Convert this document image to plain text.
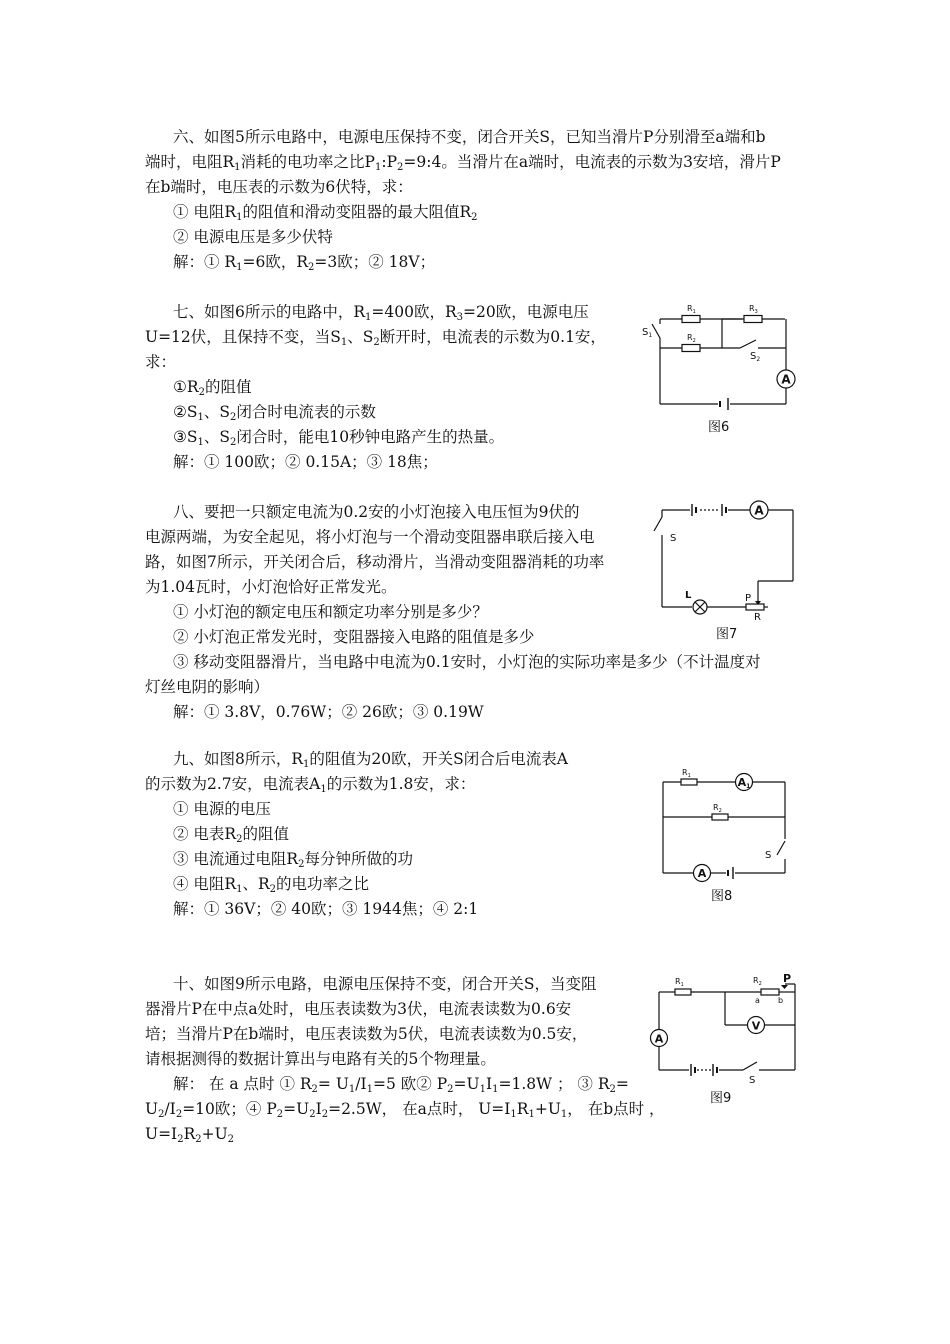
六、如图5所示电路中，电源电压保持不变，闭合开关S，已知当滑片P分别滑至a端和b
端时，电阻$R_1$消耗的电功率之比$P_1:P_2=9:4$。当滑片在a端时，电流表的示数为3安培，滑片P
在b端时，电压表的示数为6伏特，求：
① 电阻$R_1$的阻值和滑动变阻器的最大阻值$R_2$
② 电源电压是多少伏特
解：① $R_1=6$欧，$R_2=3$欧；② 18V；
七、如图6所示的电路中，$R_1=400$欧，$R_3=20$欧，电源电压
U=12伏，且保持不变，当$S_1$、$S_2$断开时，电流表的示数为0.1安，
求：
$①R_2$的阻值
$②S_1$、$S_2$闭合时电流表的示数
$③S_1$、$S_2$闭合时，能电10秒钟电路产生的热量。
解：① 100欧；② 0.15A；③ 18焦；
A
$R_1$
$R_2$
$R_3$
$S_1$
$S_2$
图6
八、要把一只额定电流为0.2安的小灯泡接入电压恒为9伏的
电源两端，为安全起见，将小灯泡与一个滑动变阻器串联后接入电
路，如图7所示，开关闭合后，移动滑片，当滑动变阻器消耗的功率
为1.04瓦时，小灯泡恰好正常发光。
① 小灯泡的额定电压和额定功率分别是多少？
② 小灯泡正常发光时，变阻器接入电路的阻值是多少
③ 移动变阻器滑片，当电路中电流为0.1安时，小灯泡的实际功率是多少（不计温度对
灯丝电阴的影响）
解：① 3.8V，0.76W；② 26欧；③ 0.19W
A
S
L	P
R
图7
九、如图8所示，$R_1$的阻值为20欧，开关S闭合后电流表A
的示数为2.7安，电流表$A_1$的示数为1.8安，求：
① 电源的电压
② 电表$R_2$的阻值
③ 电流通过电阻$R_2$每分钟所做的功
④ 电阻$R_1$、$R_2$的电功率之比
解：① 36V；② 40欧；③ 1944焦；④ 2:1
A1
A
$R_1$
$R_2$
S
图8
十、如图9所示电路，电源电压保持不变，闭合开关S，当变阻
器滑片P在中点a处时，电压表读数为3伏，电流表读数为0.6安
培；当滑片P在b端时，电压表读数为5伏，电流表读数为0.5安，
请根据测得的数据计算出与电路有关的5个物理量。
解： 在 a 点时 ① $R_2= U_1/I_1=5$ 欧② $P_2=U_1I_1=1.8W$ ； ③ $R_2=$
$U_2/I_2=10$欧；④ $P_2=U_2I_2=2.5W$， 在a点时， $U=I_1R_1+U_1$， 在b点时 ，
$U=I_2R_2+U_2$
V
A
$R_1$	$R_2$ P
a b
S
图9
